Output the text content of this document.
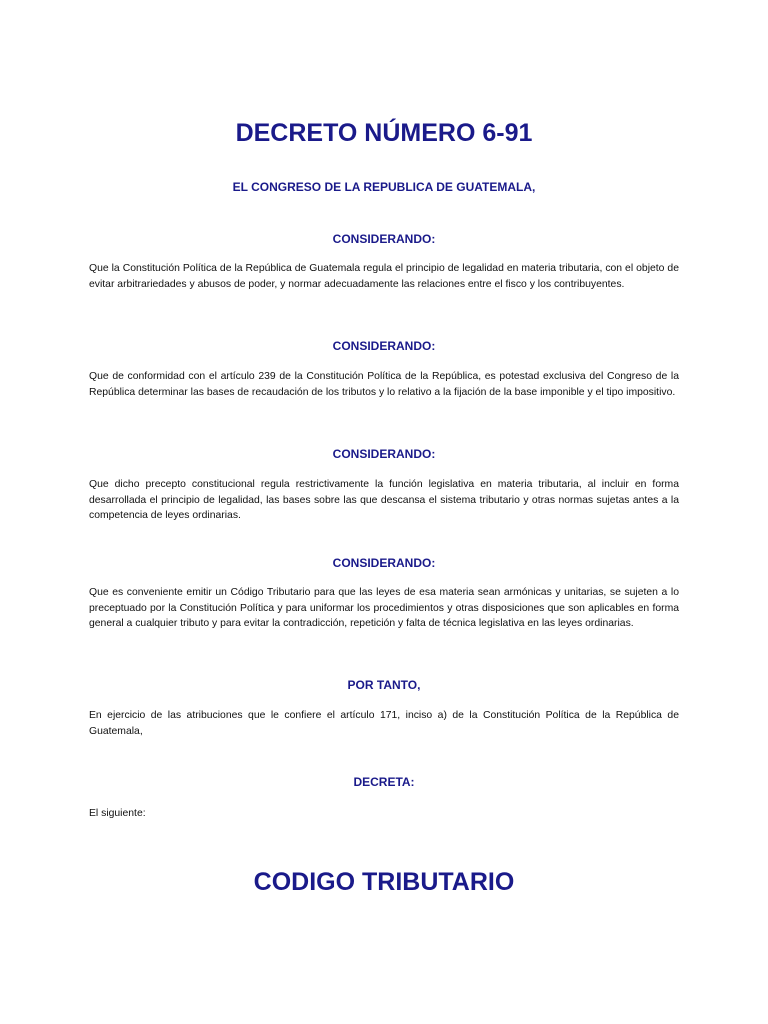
DECRETO NÚMERO 6-91
EL CONGRESO DE LA REPUBLICA DE GUATEMALA,
CONSIDERANDO:

Que la Constitución Política de la República de Guatemala regula el principio de legalidad en materia tributaria, con el objeto de evitar arbitrariedades y abusos de poder, y normar adecuadamente las relaciones entre el fisco y los contribuyentes.

CONSIDERANDO:

Que de conformidad con el artículo 239 de la Constitución Política de la República, es potestad exclusiva del Congreso de la República determinar las bases de recaudación de los tributos y lo relativo a la fijación de la base imponible y el tipo impositivo.

CONSIDERANDO:

Que dicho precepto constitucional regula restrictivamente la función legislativa en materia tributaria, al incluir en forma desarrollada el principio de legalidad, las bases sobre las que descansa el sistema tributario y otras normas sujetas antes a la competencia de leyes ordinarias.

CONSIDERANDO:

Que es conveniente emitir un Código Tributario para que las leyes de esa materia sean armónicas y unitarias, se sujeten a lo preceptuado por la Constitución Política y para uniformar los procedimientos y otras disposiciones que son aplicables en forma general a cualquier tributo y para evitar la contradicción, repetición y falta de técnica legislativa en las leyes ordinarias.

POR TANTO,

En ejercicio de las atribuciones que le confiere el artículo 171, inciso a) de la Constitución Política de la República de Guatemala,

DECRETA:

El siguiente:

CODIGO TRIBUTARIO
